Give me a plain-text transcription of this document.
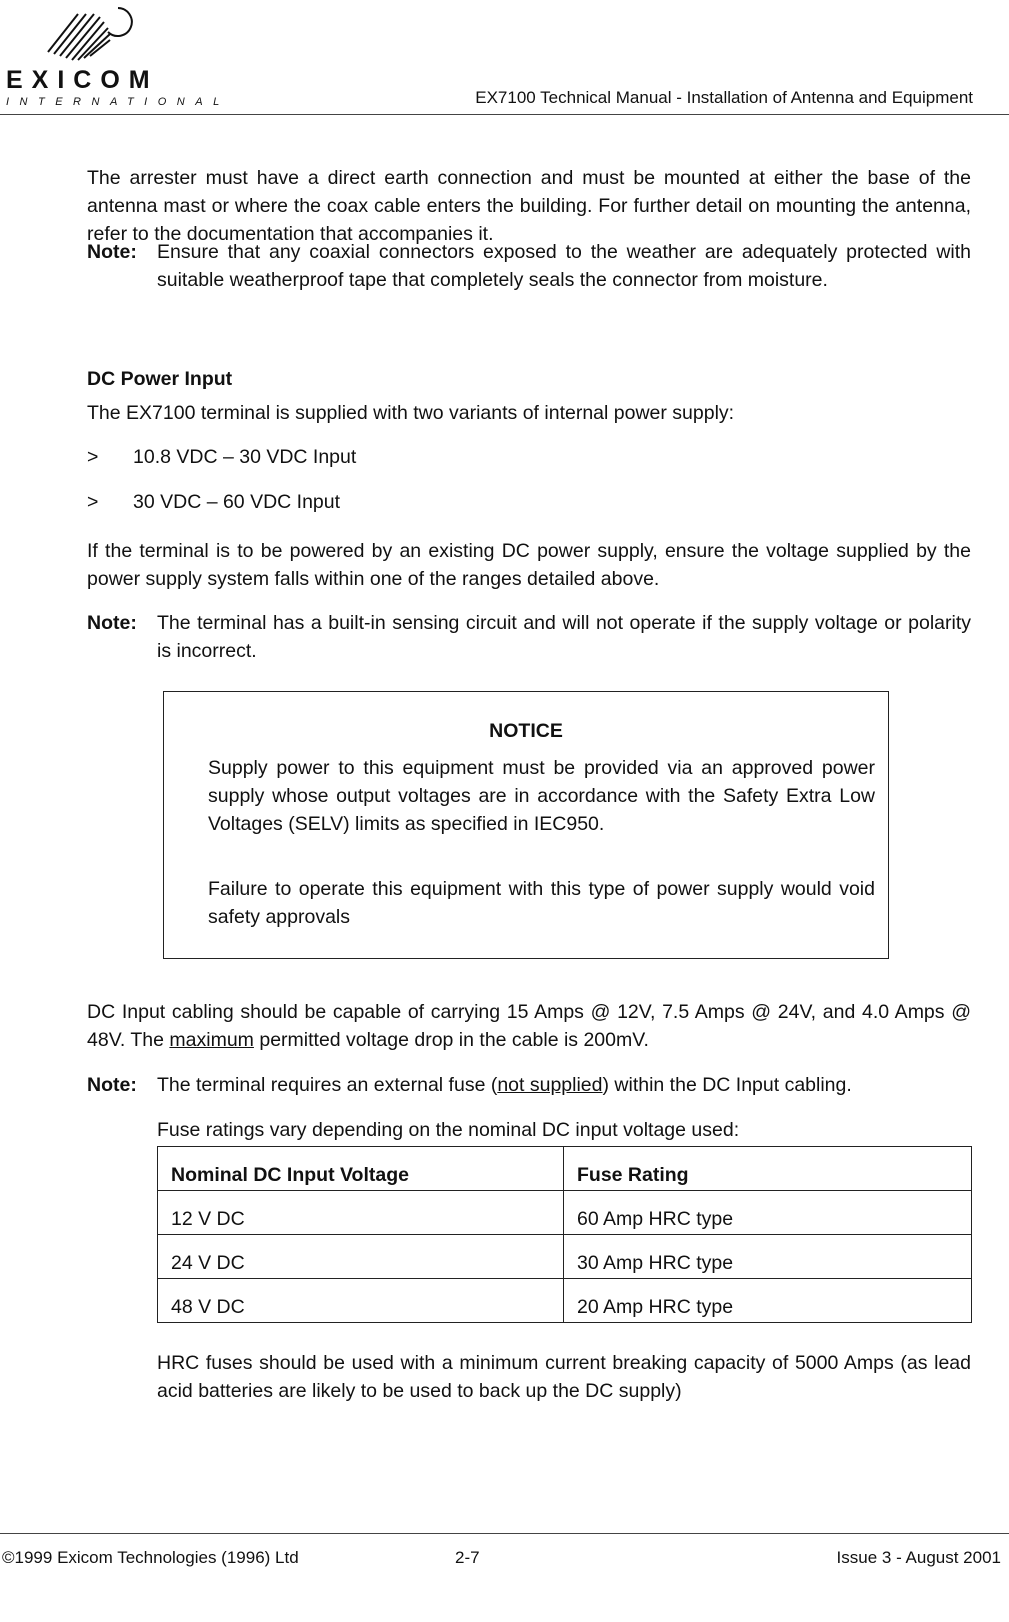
EXICOM
INTERNATIONAL	EX7100 Technical Manual - Installation of Antenna and Equipment
The arrester must have a direct earth connection and must be mounted at either the base of the antenna mast or where the coax cable enters the building. For further detail on mounting the antenna, refer to the documentation that accompanies it.
Note: Ensure that any coaxial connectors exposed to the weather are adequately protected with suitable weatherproof tape that completely seals the connector from moisture.
DC Power Input
The EX7100 terminal is supplied with two variants of internal power supply:
> 10.8 VDC – 30 VDC Input
> 30 VDC – 60 VDC Input
If the terminal is to be powered by an existing DC power supply, ensure the voltage supplied by the power supply system falls within one of the ranges detailed above.
Note: The terminal has a built-in sensing circuit and will not operate if the supply voltage or polarity is incorrect.
NOTICE
Supply power to this equipment must be provided via an approved power supply whose output voltages are in accordance with the Safety Extra Low Voltages (SELV) limits as specified in IEC950.
Failure to operate this equipment with this type of power supply would void safety approvals
DC Input cabling should be capable of carrying 15 Amps @ 12V, 7.5 Amps @ 24V, and 4.0 Amps @ 48V. The maximum permitted voltage drop in the cable is 200mV.
Note: The terminal requires an external fuse (not supplied) within the DC Input cabling.
Fuse ratings vary depending on the nominal DC input voltage used:
Nominal DC Input Voltage	Fuse Rating
12 V DC	60 Amp HRC type
24 V DC	30 Amp HRC type
48 V DC	20 Amp HRC type
HRC fuses should be used with a minimum current breaking capacity of 5000 Amps (as lead acid batteries are likely to be used to back up the DC supply)
©1999 Exicom Technologies (1996) Ltd	2-7	Issue 3 - August 2001
